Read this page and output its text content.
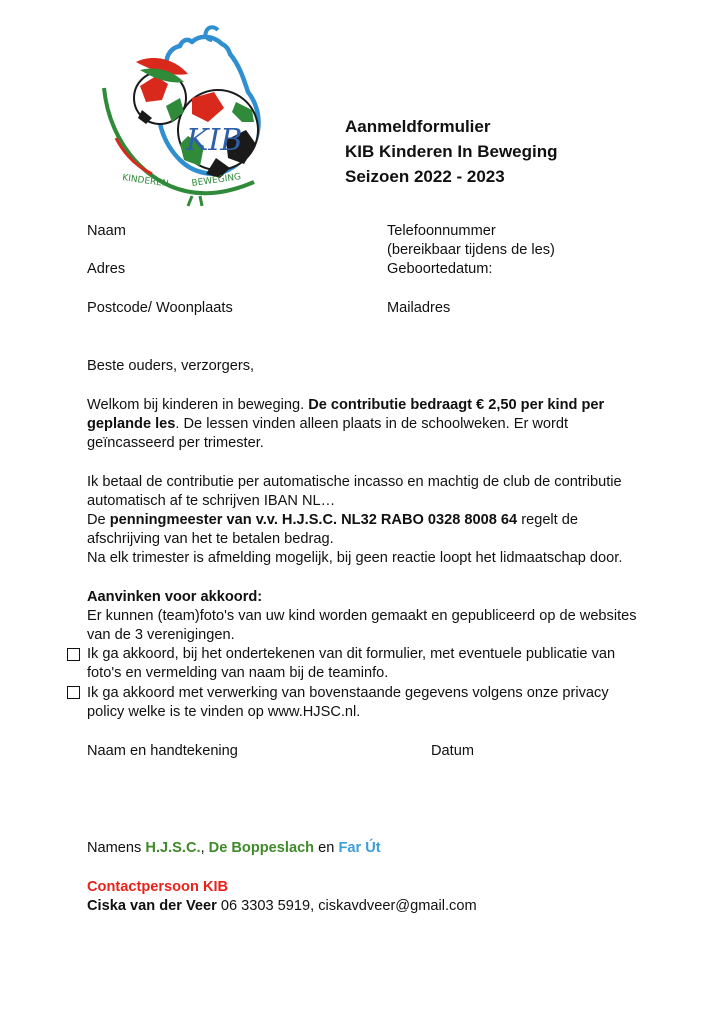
KIB
KINDEREN BEWEGING
Aanmeldformulier
KIB Kinderen In Beweging
Seizoen 2022 - 2023
Naam
Adres
Postcode/ Woonplaats
Telefoonnummer
(bereikbaar tijdens de les)
Geboortedatum:
Mailadres
Beste ouders, verzorgers,
Welkom bij kinderen in beweging. De contributie bedraagt € 2,50 per kind per
geplande les. De lessen vinden alleen plaats in de schoolweken. Er wordt
geïncasseerd per trimester.
Ik betaal de contributie per automatische incasso en machtig de club de contributie
automatisch af te schrijven IBAN NL…
De penningmeester van v.v. H.J.S.C. NL32 RABO 0328 8008 64 regelt de
afschrijving van het te betalen bedrag.
Na elk trimester is afmelding mogelijk, bij geen reactie loopt het lidmaatschap door.
Aanvinken voor akkoord:
Er kunnen (team)foto's van uw kind worden gemaakt en gepubliceerd op de websites
van de 3 verenigingen.
Ik ga akkoord, bij het ondertekenen van dit formulier, met eventuele publicatie van
foto's en vermelding van naam bij de teaminfo.
Ik ga akkoord met verwerking van bovenstaande gegevens volgens onze privacy
policy welke is te vinden op www.HJSC.nl.
Naam en handtekening	Datum
Namens H.J.S.C., De Boppeslach en Far Út
Contactpersoon KIB
Ciska van der Veer 06 3303 5919, ciskavdveer@gmail.com
